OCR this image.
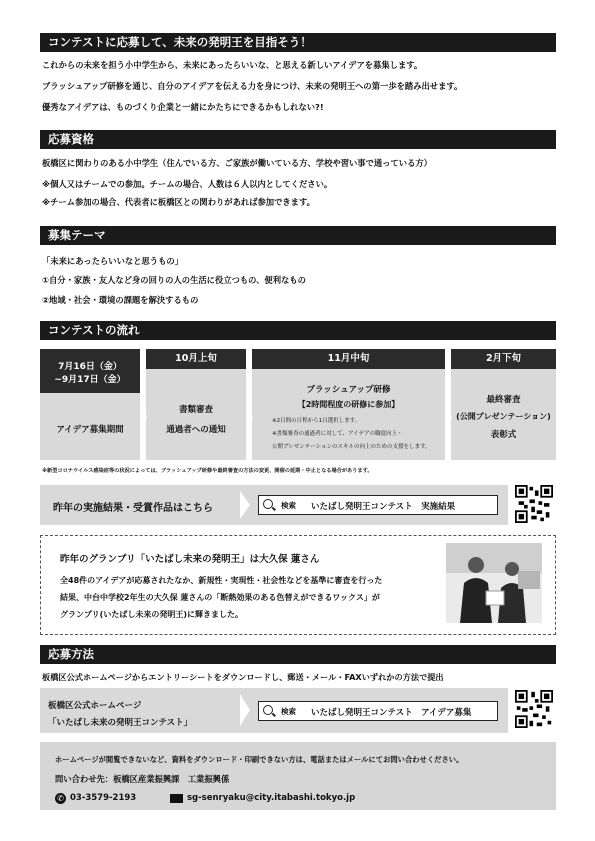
コンテストに応募して、未来の発明王を目指そう！
これからの未来を担う小中学生から、未来にあったらいいな、と思える新しいアイデアを募集します。
ブラッシュアップ研修を通じ、自分のアイデアを伝える力を身につけ、未来の発明王への第一歩を踏み出せます。
優秀なアイデアは、ものづくり企業と一緒にかたちにできるかもしれない?!
応募資格
板橋区に関わりのある小中学生（住んでいる方、ご家族が働いている方、学校や習い事で通っている方）
※個人又はチームでの参加。チームの場合、人数は６人以内としてください。
※チーム参加の場合、代表者に板橋区との関わりがあれば参加できます。
募集テーマ
「未来にあったらいいなと思うもの」
①自分・家族・友人など身の回りの人の生活に役立つもの、便利なもの
②地域・社会・環境の課題を解決するもの
コンテストの流れ
7月16日（金）
~9月17日（金）
アイデア募集期間
10月上旬
書類審査
通過者への通知
11月中旬
ブラッシュアップ研修
【2時間程度の研修に参加】
※2日間の日程から1日選択します。
※書類審査の通過者に対して、アイデアの職度向上・
公開プレゼンテーションのスキルの向上のための支援をします。
2月下旬
最終審査
(公開プレゼンテーション)
表彰式
※新型コロナウイルス感染症等の状況によっては、ブラッシュアップ研修や最終審査の方法の変更、開催の延期・中止となる場合があります。
昨年の実施結果・受賞作品はこちら	検索 いたばし発明王コンテスト　実施結果
昨年のグランプリ「いたばし未来の発明王」は大久保 蓮さん
全48件のアイデアが応募されたなか、新規性・実現性・社会性などを基準に審査を行った
結果、中台中学校2年生の大久保 蓮さんの「断熱効果のある色替えができるワックス」が
グランプリ(いたばし未来の発明王)に輝きました。
応募方法
板橋区公式ホームページからエントリーシートをダウンロードし、郵送・メール・FAXいずれかの方法で提出
板橋区公式ホームページ
「いたばし未来の発明王コンテスト」
検索 いたばし発明王コンテスト　アイデア募集
ホームページが閲覧できないなど、資料をダウンロード・印刷できない方は、電話またはメールにてお問い合わせください。
問い合わせ先：板橋区産業振興課　工業振興係
✆ 03-3579-2193	sg-senryaku@city.itabashi.tokyo.jp
